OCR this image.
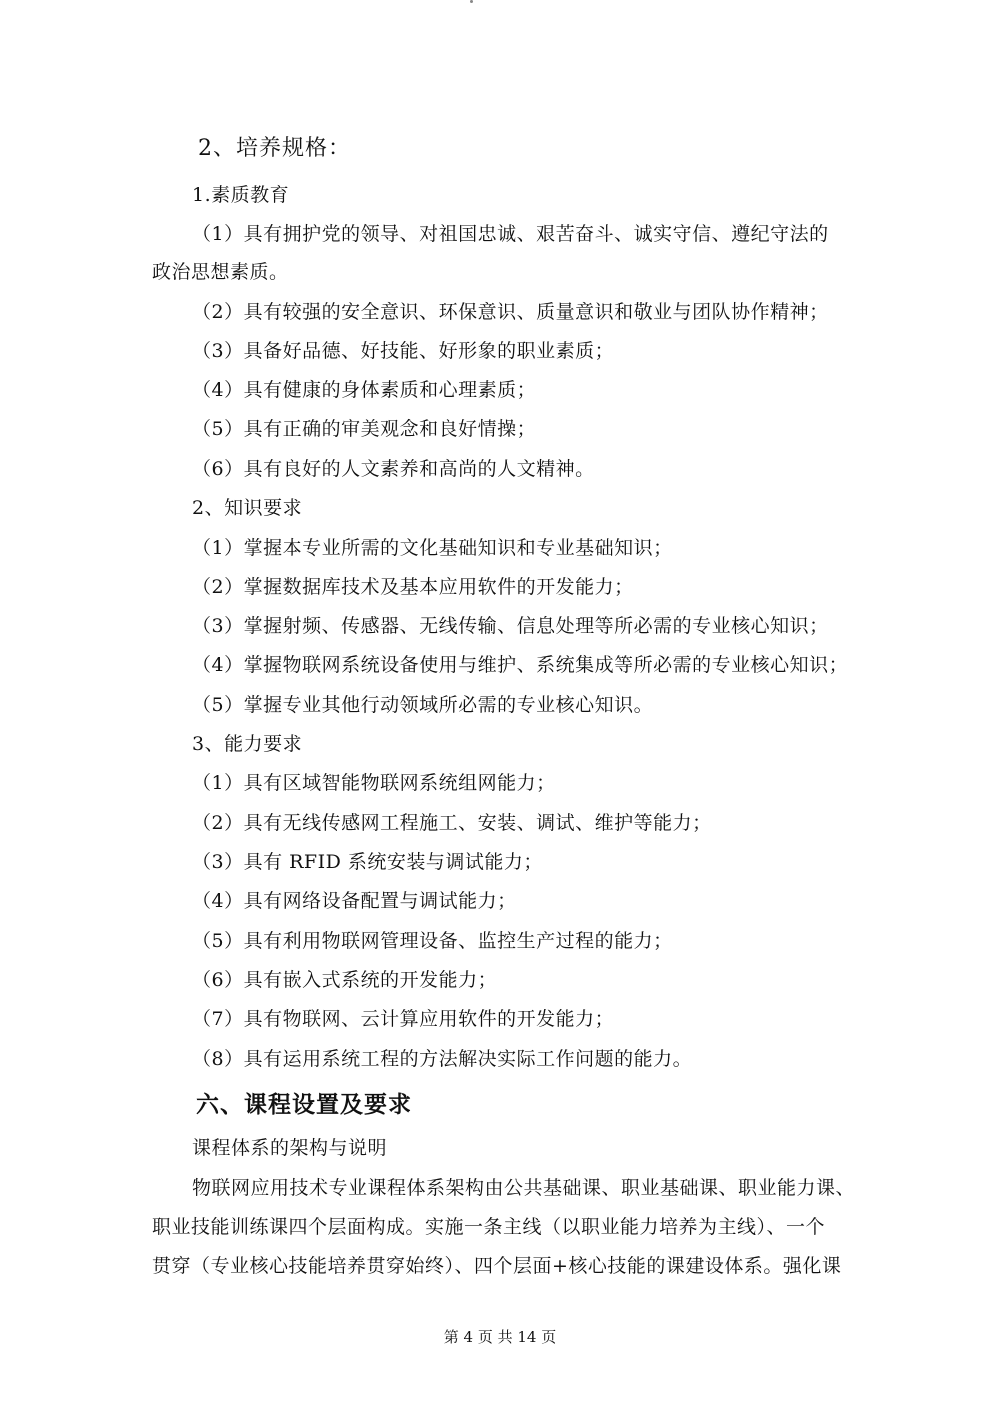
2、培养规格：
1.素质教育
（1）具有拥护党的领导、对祖国忠诚、艰苦奋斗、诚实守信、遵纪守法的
政治思想素质。
（2）具有较强的安全意识、环保意识、质量意识和敬业与团队协作精神；
（3）具备好品德、好技能、好形象的职业素质；
（4）具有健康的身体素质和心理素质；
（5）具有正确的审美观念和良好情操；
（6）具有良好的人文素养和高尚的人文精神。
2、知识要求
（1）掌握本专业所需的文化基础知识和专业基础知识；
（2）掌握数据库技术及基本应用软件的开发能力；
（3）掌握射频、传感器、无线传输、信息处理等所必需的专业核心知识；
（4）掌握物联网系统设备使用与维护、系统集成等所必需的专业核心知识；
（5）掌握专业其他行动领域所必需的专业核心知识。
3、能力要求
（1）具有区域智能物联网系统组网能力；
（2）具有无线传感网工程施工、安装、调试、维护等能力；
（3）具有 RFID 系统安装与调试能力；
（4）具有网络设备配置与调试能力；
（5）具有利用物联网管理设备、监控生产过程的能力；
（6）具有嵌入式系统的开发能力；
（7）具有物联网、云计算应用软件的开发能力；
（8）具有运用系统工程的方法解决实际工作问题的能力。
六、课程设置及要求
课程体系的架构与说明
物联网应用技术专业课程体系架构由公共基础课、职业基础课、职业能力课、
职业技能训练课四个层面构成。实施一条主线（以职业能力培养为主线）、一个
贯穿（专业核心技能培养贯穿始终）、四个层面+核心技能的课建设体系。强化课
第 4 页 共 14 页
